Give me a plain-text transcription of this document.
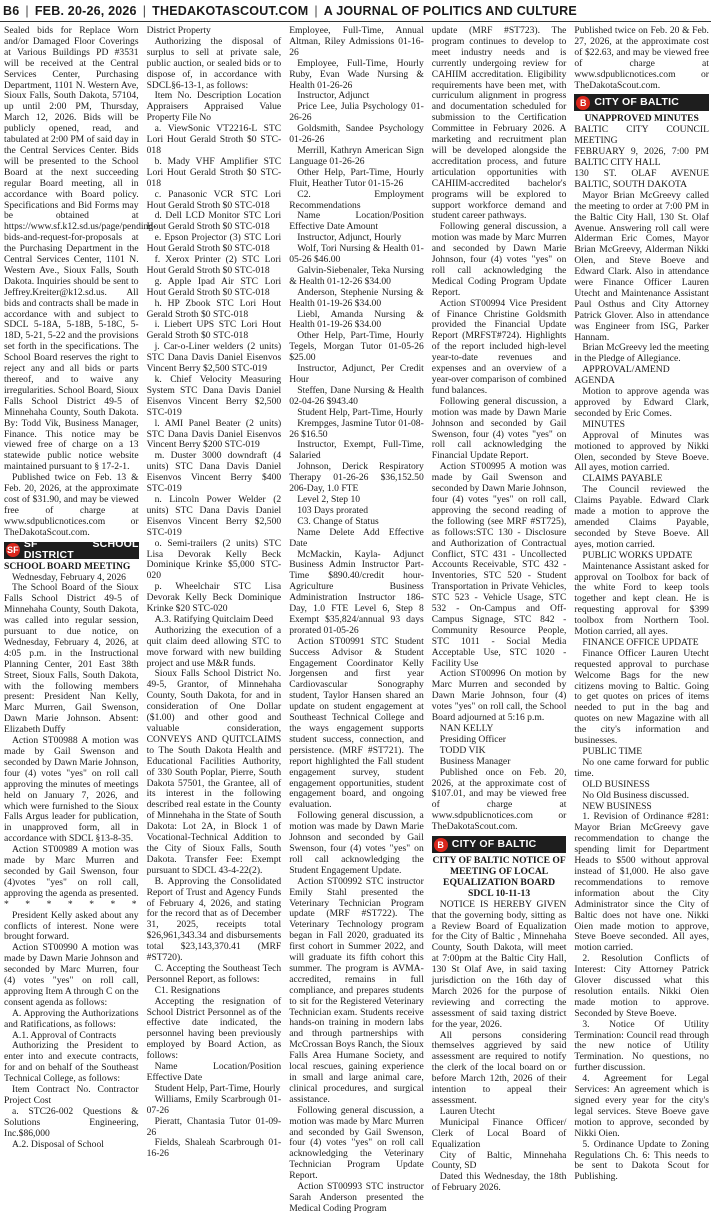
B6 | FEB. 20-26, 2026 | THEDAKOTASCOUT.COM | A JOURNAL OF POLITICS AND CULTURE

Sealed bids for Replace Worn and/or Damaged Floor Coverings at Various Buildings PD #3531 will be received at the Central Services Center, Purchasing Department, 1101 N. Western Ave, Sioux Falls, South Dakota, 57104, up until 2:00 PM, Thursday, March 12, 2026. Bids will be publicly opened, read, and tabulated at 2:00 PM of said day in the Central Services Center. Bids will be presented to the School Board at the next succeeding regular Board meeting, all in accordance with Board policy. Specifications and Bid Forms may be obtained at https://www.sf.k12.sd.us/page/pending-bids-and-request-for-proposals at the Purchasing Department in the Central Services Center, 1101 N. Western Ave., Sioux Falls, South Dakota. Inquiries should be sent to Jeffrey.Kreiter@k12.sd.us. All bids and contracts shall be made in accordance with and subject to SDCL 5-18A, 5-18B, 5-18C, 5-18D, 5-21, 5-22 and the provisions set forth in the specifications. The School Board reserves the right to reject any and all bids or parts thereof, and to waive any irregularities. School Board, Sioux Falls School District 49-5 of Minnehaha County, South Dakota. By: Todd Vik, Business Manager, Finance. This notice may be viewed free of charge on a 13 statewide public notice website maintained pursuant to § 17-2-1.

Published twice on Feb. 13 & Feb. 20, 2026, at the approximate cost of $31.90, and may be viewed free of charge at www.sdpublicnotices.com or TheDakotaScout.com.

SF SF SCHOOL DISTRICT

SCHOOL BOARD MEETING

Wednesday, February 4, 2026

The School Board of the Sioux Falls School District 49-5 of Minnehaha County, South Dakota, was called into regular session, pursuant to due notice, on Wednesday, February 4, 2026, at 4:05 p.m. in the Instructional Planning Center, 201 East 38th Street, Sioux Falls, South Dakota, with the following members present: President Nan Kelly, Marc Murren, Gail Swenson, Dawn Marie Johnson. Absent: Elizabeth Duffy

Action ST00988 A motion was made by Gail Swenson and seconded by Dawn Marie Johnson, four (4) votes "yes" on roll call approving the minutes of meetings held on January 7, 2026, and which were furnished to the Sioux Falls Argus leader for publication, in unapproved form, all in accordance with SDCL §13-8-35.

Action ST00989 A motion was made by Marc Murren and seconded by Gail Swenson, four (4)votes "yes" on roll call, approving the agenda as presented.

* * * * * * *

President Kelly asked about any conflicts of interest. None were brought forward.

Action ST00990 A motion was made by Dawn Marie Johnson and seconded by Marc Murren, four (4) votes "yes" on roll call, approving Item A through C on the consent agenda as follows:

A. Approving the Authorizations and Ratifications, as follows:

A.1. Approval of Contracts

Authorizing the President to enter into and execute contracts, for and on behalf of the Southeast Technical College, as follows:

Item Contract No. Contractor Project Cost

a. STC26-002 Questions & Solutions Engineering, Inc.$86,000

A.2. Disposal of School

District Property

Authorizing the disposal of surplus to sell at private sale, public auction, or sealed bids or to dispose of, in accordance with SDCL§6-13-1, as follows:

Item No. Description Location Appraisers Appraised Value Property File No

a. ViewSonic VT2216-L STC Lori Hout Gerald Stroth $0 STC-018

b. Mady VHF Amplifier STC Lori Hout Gerald Stroth $0 STC-018

c. Panasonic VCR STC Lori Hout Gerald Stroth $0 STC-018

d. Dell LCD Monitor STC Lori Hout Gerald Stroth $0 STC-018

e. Epson Projector (3) STC Lori Hout Gerald Stroth $0 STC-018

f. Xerox Printer (2) STC Lori Hout Gerald Stroth $0 STC-018

g. Apple Ipad Air STC Lori Hout Gerald Stroth $0 STC-018

h. HP Zbook STC Lori Hout Gerald Stroth $0 STC-018

i. Liebert UPS STC Lori Hout Gerald Stroth $0 STC-018

j. Car-o-Liner welders (2 units) STC Dana Davis Daniel Eisenvos Vincent Berry $2,500 STC-019

k. Chief Velocity Measuring System STC Dana Davis Daniel Eisenvos Vincent Berry $2,500 STC-019

l. AMI Panel Beater (2 units) STC Dana Davis Daniel Eisenvos Vincent Berry $200 STC-019

m. Duster 3000 downdraft (4 units) STC Dana Davis Daniel Eisenvos Vincent Berry $400 STC-019

n. Lincoln Power Welder (2 units) STC Dana Davis Daniel Eisenvos Vincent Berry $2,500 STC-019

o. Semi-trailers (2 units) STC Lisa Devorak Kelly Beck Dominique Krinke $5,000 STC-020

p. Wheelchair STC Lisa Devorak Kelly Beck Dominique Krinke $20 STC-020

A.3. Ratifying Quitclaim Deed

Authorizing the execution of a quit claim deed allowing STC to move forward with new building project and use M&R funds.

Sioux Falls School District No. 49-5, Grantor, of Minnehaha County, South Dakota, for and in consideration of One Dollar ($1.00) and other good and valuable consideration, CONVEYS AND QUITCLAIMS to The South Dakota Health and Educational Facilities Authority, of 330 South Poplar, Pierre, South Dakota 57501, the Grantee, all of its interest in the following described real estate in the County of Minnehaha in the State of South Dakota: Lot 2A, in Block 1 of Vocational-Technical Addition to the City of Sioux Falls, South Dakota. Transfer Fee: Exempt pursuant to SDCL 43-4-22(2).

B. Approving the Consolidated Report of Trust and Agency Funds of February 4, 2026, and stating for the record that as of December 31, 2025, receipts total $26,961,343.34 and disbursements total $23,143,370.41 (MRF #ST720).

C. Accepting the Southeast Tech Personnel Report, as follows:

C1. Resignations

Accepting the resignation of School District Personnel as of the effective date indicated, the personnel having been previously employed by Board Action, as follows:

Name Location/Position Effective Date

Student Help, Part-Time, Hourly

Williams, Emily Scarbrough 01-07-26

Pieratt, Chantasia Tutor 01-09-26

Fields, Shaleah Scarbrough 01-16-26

Employee, Full-Time, Annual Altman, Riley Admissions 01-16-26

Employee, Full-Time, Hourly Ruby, Evan Wade Nursing & Health 01-26-26

Instructor, Adjunct

Price Lee, Julia Psychology 01-26-26

Goldsmith, Sandee Psychology 01-26-26

Merrill, Kathryn American Sign Language 01-26-26

Other Help, Part-Time, Hourly Fluit, Heather Tutor 01-15-26

C2. Employment Recommendations

Name Location/Position Effective Date Amount

Instructor, Adjunct, Hourly

Wolf, Tori Nursing & Health 01-05-26 $46.00

Galvin-Siebenaler, Teka Nursing & Health 01-12-26 $34.00

Anderson, Stephenie Nursing & Health 01-19-26 $34.00

Liebl, Amanda Nursing & Health 01-19-26 $34.00

Other Help, Part-Time, Hourly Tegels, Morgan Tutor 01-05-26 $25.00

Instructor, Adjunct, Per Credit Hour

Steffen, Dane Nursing & Health 02-04-26 $943.40

Student Help, Part-Time, Hourly

Krempges, Jasmine Tutor 01-08-26 $16.50

Instructor, Exempt, Full-Time, Salaried

Johnson, Derick Respiratory Therapy 01-26-26 $36,152.50 206-Day, 1.0 FTE

Level 2, Step 10

103 Days prorated

C3. Change of Status

Name Delete Add Effective Date

McMackin, Kayla- Adjunct Business Admin Instructor Part-Time $890.40/credit hour- Agriculture Business Administration Instructor 186-Day, 1.0 FTE Level 6, Step 8 Exempt $35,824/annual 93 days prorated 01-05-26

Action ST00991 STC Student Success Advisor & Student Engagement Coordinator Kelly Jorgensen and first year Cardiovascular Sonography student, Taylor Hansen shared an update on student engagement at Southeast Technical College and the ways engagement supports student success, connection, and persistence. (MRF #ST721). The report highlighted the Fall student engagement survey, student engagement opportunities, student engagement board, and ongoing evaluation.

Following general discussion, a motion was made by Dawn Marie Johnson and seconded by Gail Swenson, four (4) votes "yes" on roll call acknowledging the Student Engagement Update.

Action ST00992 STC instructor Emily Stahl presented the Veterinary Technician Program update (MRF #ST722). The Veterinary Technology program began in Fall 2020, graduated its first cohort in Summer 2022, and will graduate its fifth cohort this summer. The program is AVMA-accredited, remains in full compliance, and prepares students to sit for the Registered Veterinary Technician exam. Students receive hands-on training in modern labs and through partnerships with McCrossan Boys Ranch, the Sioux Falls Area Humane Society, and local rescues, gaining experience in small and large animal care, clinical procedures, and surgical assistance.

Following general discussion, a motion was made by Marc Murren and seconded by Gail Swenson, four (4) votes "yes" on roll call acknowledging the Veterinary Technician Program Update Report.

Action ST00993 STC instructor Sarah Anderson presented the Medical Coding Program

update (MRF #ST723). The program continues to develop to meet industry needs and is currently undergoing review for CAHIIM accreditation. Eligibility requirements have been met, with curriculum alignment in progress and documentation scheduled for submission to the Certification Committee in February 2026. A marketing and recruitment plan will be developed alongside the accreditation process, and future articulation opportunities with CAHIIM-accredited bachelor's programs will be explored to support workforce demand and student career pathways.

Following general discussion, a motion was made by Marc Murren and seconded by Dawn Marie Johnson, four (4) votes "yes" on roll call acknowledging the Medical Coding Program Update Report.

Action ST00994 Vice President of Finance Christine Goldsmith provided the Financial Update Report (MRFST#724). Highlights of the report included high-level year-to-date revenues and expenses and an overview of a year-over comparison of combined fund balances.

Following general discussion, a motion was made by Dawn Marie Johnson and seconded by Gail Swenson, four (4) votes "yes" on roll call acknowledging the Financial Update Report.

Action ST00995 A motion was made by Gail Swenson and seconded by Dawn Marie Johnson, four (4) votes "yes" on roll call, approving the second reading of the following (see MRF #ST725), as follows:STC 130 - Disclosure and Authorization of Contractual Conflict, STC 431 - Uncollected Accounts Receivable, STC 432 - Inventories, STC 520 - Student Transportation in Private Vehicles, STC 523 - Vehicle Usage, STC 532 - On-Campus and Off-Campus Signage, STC 842 - Community Resource People, STC 1011 - Social Media Acceptable Use, STC 1020 - Facility Use

Action ST00996 On motion by Marc Murren and seconded by Dawn Marie Johnson, four (4) votes "yes" on roll call, the School Board adjourned at 5:16 p.m.

NAN KELLY

Presiding Officer

TODD VIK

Business Manager

Published once on Feb. 20, 2026, at the approximate cost of $107.01, and may be viewed free of charge at www.sdpublicnotices.com or TheDakotaScout.com.

B CITY OF BALTIC

CITY OF BALTIC NOTICE OF MEETING OF LOCAL EQUALIZATION BOARD SDCL 10-11-13

NOTICE IS HEREBY GIVEN that the governing body, sitting as a Review Board of Equalization for the City of Baltic , Minnehaha County, South Dakota, will meet at 7:00pm at the Baltic City Hall, 130 St Olaf Ave, in said taxing jurisdiction on the 16th day of March 2026 for the purpose of reviewing and correcting the assessment of said taxing district for the year, 2026.

All persons considering themselves aggrieved by said assessment are required to notify the clerk of the local board on or before March 12th, 2026 of their intention to appeal their assessment.

Lauren Utecht

Municipal Finance Officer/ Clerk of Local Board of Equalization

City of Baltic, Minnehaha County, SD

Dated this Wednesday, the 18th of February 2026.

Published twice on Feb. 20 & Feb. 27, 2026, at the approximate cost of $22.63, and may be viewed free of charge at www.sdpublicnotices.com or TheDakotaScout.com.

B CITY OF BALTIC

UNAPPROVED MINUTES

BALTIC CITY COUNCIL MEETING

FEBRUARY 9, 2026, 7:00 PM BALTIC CITY HALL

130 ST. OLAF AVENUE BALTIC, SOUTH DAKOTA

Mayor Brian McGreevy called the meeting to order at 7:00 PM in the Baltic City Hall, 130 St. Olaf Avenue. Answering roll call were Alderman Eric Comes, Mayor Brian McGreevy, Alderman Nikki Olen, and Steve Boeve and Edward Clark. Also in attendance were Finance Officer Lauren Utecht and Maintenance Assistant Paul Osthus and City Attorney Patrick Glover. Also in attendance was Engineer from ISG, Parker Hannam.

Brian McGreevy led the meeting in the Pledge of Allegiance.

APPROVAL/AMEND AGENDA

Motion to approve agenda was approved by Edward Clark, seconded by Eric Comes.

MINUTES

Approval of Minutes was motioned to approved by Nikki Olen, seconded by Steve Boeve. All ayes, motion carried.

CLAIMS PAYABLE

The Council reviewed the Claims Payable. Edward Clark made a motion to approve the amended Claims Payable, seconded by Steve Boeve. All ayes, motion carried.

PUBLIC WORKS UPDATE

Maintenance Assistant asked for approval on Toolbox for back of the white Ford to keep tools together and kept clean. He is requesting approval for $399 toolbox from Northern Tool. Motion carried, all ayes.

FINANCE OFFICE UPDATE

Finance Officer Lauren Utecht requested approval to purchase Welcome Bags for the new citizens moving to Baltic. Going to get quotes on prices of items needed to put in the bag and quotes on new Magazine with all the city's information and businesses.

PUBLIC TIME

No one came forward for public time.

OLD BUSINESS

No Old Business discussed.

NEW BUSINESS

1. Revision of Ordinance #281: Mayor Brian McGreevy gave recommendation to change the spending limit for Department Heads to $500 without approval instead of $1,000. He also gave recommendations to remove information about the City Administrator since the City of Baltic does not have one. Nikki Oien made motion to approve, Steve Boeve seconded. All ayes, motion carried.

2. Resolution Conflicts of Interest: City Attorney Patrick Glover discussed what this resolution entails. Nikki Oien made motion to approve. Seconded by Steve Boeve.

3. Notice Of Utility Termination: Council read through the new notice of Utility Termination. No questions, no further discussion.

4. Agreement for Legal Services: An agreement which is signed every year for the city's legal services. Steve Boeve gave motion to approve, seconded by Nikki Oien.

5. Ordinance Update to Zoning Regulations Ch. 6: This needs to be sent to Dakota Scout for Publishing.
